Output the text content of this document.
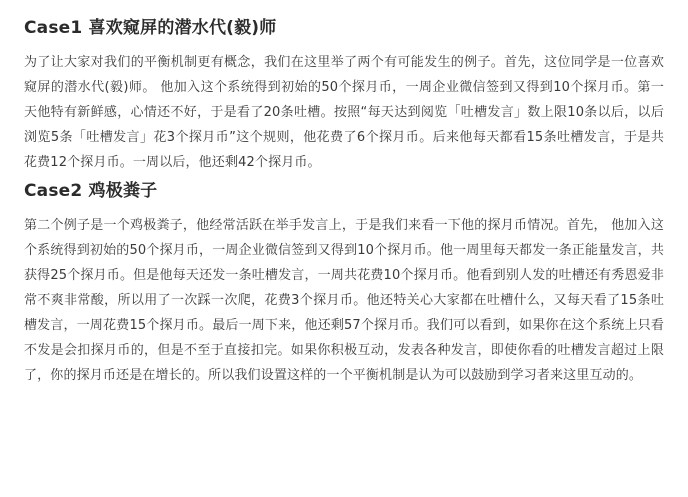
Case1 喜欢窥屏的潜水代(毅)师

为了让大家对我们的平衡机制更有概念，我们在这里举了两个有可能发生的例子。首先，这位同学是一位喜欢窥屏的潜水代(毅)师。 他加入这个系统得到初始的50个探月币，一周企业微信签到又得到10个探月币。第一天他特有新鲜感，心情还不好，于是看了20条吐槽。按照“每天达到阅览「吐槽发言」数上限10条以后，以后浏览5条「吐槽发言」花3个探月币”这个规则，他花费了6个探月币。后来他每天都看15条吐槽发言，于是共花费12个探月币。一周以后，他还剩42个探月币。

Case2 鸡极粪子

第二个例子是一个鸡极粪子，他经常活跃在举手发言上，于是我们来看一下他的探月币情况。首先， 他加入这个系统得到初始的50个探月币，一周企业微信签到又得到10个探月币。他一周里每天都发一条正能量发言，共获得25个探月币。但是他每天还发一条吐槽发言，一周共花费10个探月币。他看到别人发的吐槽还有秀恩爱非常不爽非常酸，所以用了一次踩一次爬，花费3个探月币。他还特关心大家都在吐槽什么，又每天看了15条吐槽发言，一周花费15个探月币。最后一周下来，他还剩57个探月币。我们可以看到，如果你在这个系统上只看不发是会扣探月币的，但是不至于直接扣完。如果你积极互动，发表各种发言，即使你看的吐槽发言超过上限了，你的探月币还是在增长的。所以我们设置这样的一个平衡机制是认为可以鼓励到学习者来这里互动的。
